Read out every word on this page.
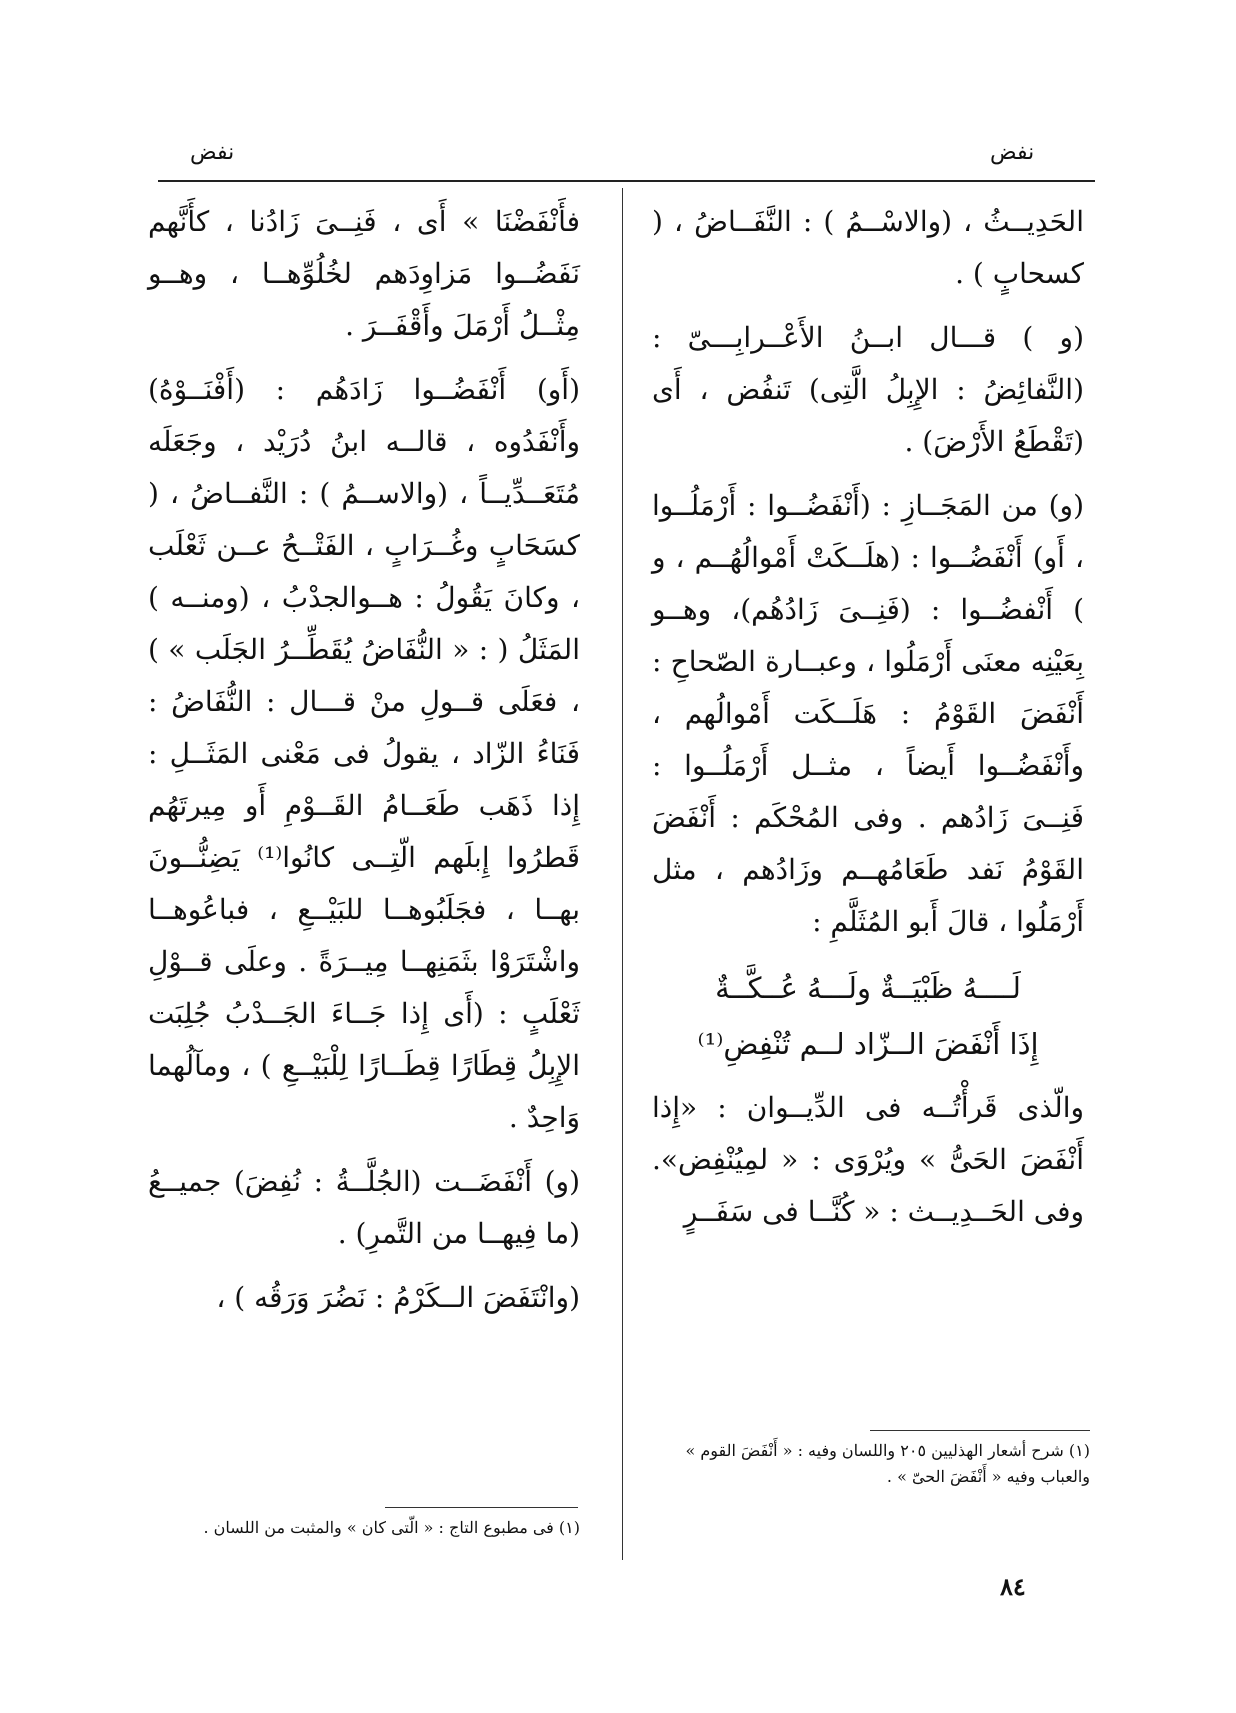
نفض
نفض

الحَدِيــثُ ، (والاسْــمُ ) : النَّفَــاضُ ، ( كسحابٍ ) .

(و ) قـــال ابــنُ الأَعْــرابِـــىّ : (النَّفائِضُ : الإِبِلُ الَّتِى) تَنفُض ، أَى (تَقْطَعُ الأَرْضَ) .

(و) من المَجَــازِ : (أَنْفَضُــوا : أَرْمَلُــوا ، أَو) أَنْفَضُــوا : (هلَــكَتْ أَمْوالُهُــم ، و ) أَنْفضُــوا : (فَنِــىَ زَادُهُم)، وهــو بِعَيْنِه معنَى أَرْمَلُوا ، وعبــارة الصّحاحِ : أَنْفَضَ القَوْمُ : هَلَــكَت أَمْوالُهم ، وأَنْفَضُــوا أَيضاً ، مثــل أَرْمَلُــوا : فَنِــىَ زَادُهم . وفى المُحْكَم : أَنْفَضَ القَوْمُ نَفد طَعَامُهــم وزَادُهم ، مثل أَرْمَلُوا ، قالَ أَبو المُثَلَّمِ :

لَــــهُ ظَبْيَــةٌ ولَـــهُ عُــكَّــةٌ
إِذَا أَنْفَضَ الــزّاد لــم تُنْفِضِ⁽¹⁾

والّذى قَرأْتُــه فى الدِّيــوان : «إِذا أَنْفَضَ الحَىُّ » ويُرْوَى : « لمِيُنْفِض». وفى الحَــدِيــث : « كُنَّــا فى سَفَــرٍ

فأَنْفَضْنَا » أَى ، فَنِــىَ زَادُنا ، كأَنَّهم نَفَضُــوا مَزاوِدَهم لخُلُوِّهــا ، وهــو مِثْــلُ أَرْمَلَ وأَقْفَــرَ .

(أَو) أَنْفَضُــوا زَادَهُم : (أَفْنَــوْهُ) وأَنْفَدُوه ، قالــه ابنُ دُرَيْد ، وجَعَلَه مُتَعَــدِّيــاً ، (والاســمُ ) : النَّفــاضُ ، ( كسَحَابٍ وغُــرَابٍ ، الفَتْــحُ عــن ثَعْلَب ، وكانَ يَقُولُ : هــوالجدْبُ ، (ومنــه ) المَثَلُ ( : « النُّفَاضُ يُقَطِّــرُ الجَلَب » ) ، فعَلَى قــولِ منْ قـــال : النُّفَاضُ : فَنَاءُ الزّاد ، يقولُ فى مَعْنى المَثَــلِ : إِذا ذَهَب طَعَــامُ القَــوْمِ أَو مِيرتَهُم قَطرُوا إِبلَهم الّتِــى كانُوا⁽¹⁾ يَضِنُّــونَ بهــا ، فجَلَبُوهــا للبَيْــعِ ، فباعُوهــا واشْتَرَوْا بثَمَنِهــا مِيــرَةً . وعلَى قــوْلِ ثَعْلَبٍ : (أَى إِذا جَــاءَ الجَــدْبُ جُلِبَت الإِبِلُ قِطَارًا قِطَــارًا لِلْبَيْــعِ ) ، ومآلُهما وَاحِدٌ .

(و) أَنْفَضَــت (الجُلَّــةُ : نُفِضَ) جميــعُ (ما فِيهــا من التَّمرِ) .

(وانْتَفَضَ الــكَرْمُ : نَضُرَ وَرَقُه ) ،

(١) شرح أشعار الهذليين ٢٠٥ واللسان وفيه : « أَنْفَضَ القوم » والعباب وفيه « أَنْفَضَ الحىّ » .
(١) فى مطبوع التاج : « الّتى كان » والمثبت من اللسان .
٨٤
